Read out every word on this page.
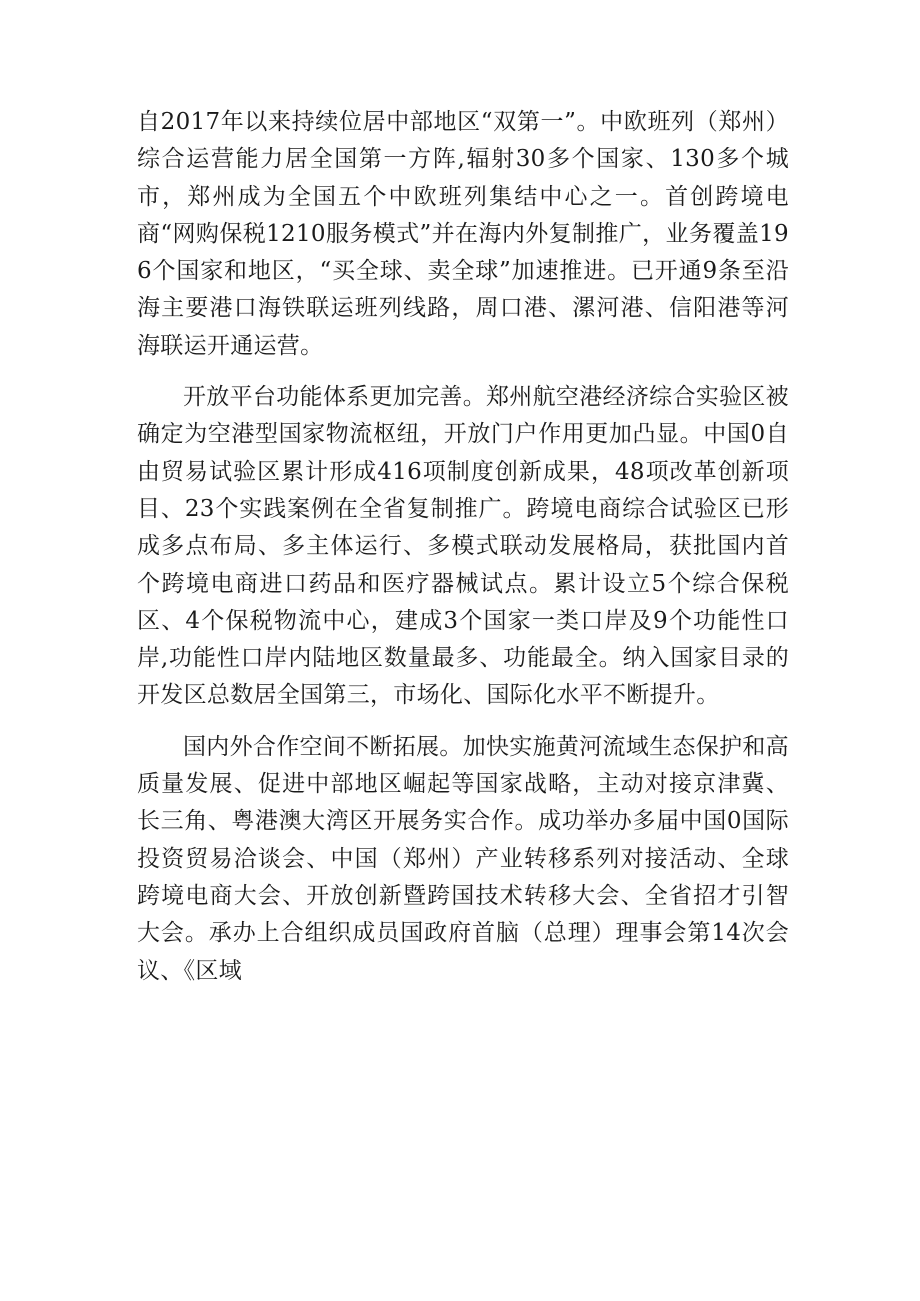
自2017年以来持续位居中部地区“双第一”。中欧班列（郑州）综合运营能力居全国第一方阵,辐射30多个国家、130多个城市，郑州成为全国五个中欧班列集结中心之一。首创跨境电商“网购保税1210服务模式”并在海内外复制推广，业务覆盖196个国家和地区，“买全球、卖全球”加速推进。已开通9条至沿海主要港口海铁联运班列线路，周口港、漯河港、信阳港等河海联运开通运营。

开放平台功能体系更加完善。郑州航空港经济综合实验区被确定为空港型国家物流枢纽，开放门户作用更加凸显。中国0自由贸易试验区累计形成416项制度创新成果，48项改革创新项目、23个实践案例在全省复制推广。跨境电商综合试验区已形成多点布局、多主体运行、多模式联动发展格局，获批国内首个跨境电商进口药品和医疗器械试点。累计设立5个综合保税区、4个保税物流中心，建成3个国家一类口岸及9个功能性口岸,功能性口岸内陆地区数量最多、功能最全。纳入国家目录的开发区总数居全国第三，市场化、国际化水平不断提升。

国内外合作空间不断拓展。加快实施黄河流域生态保护和高质量发展、促进中部地区崛起等国家战略，主动对接京津冀、长三角、粤港澳大湾区开展务实合作。成功举办多届中国0国际投资贸易洽谈会、中国（郑州）产业转移系列对接活动、全球跨境电商大会、开放创新暨跨国技术转移大会、全省招才引智大会。承办上合组织成员国政府首脑（总理）理事会第14次会议、《区域
